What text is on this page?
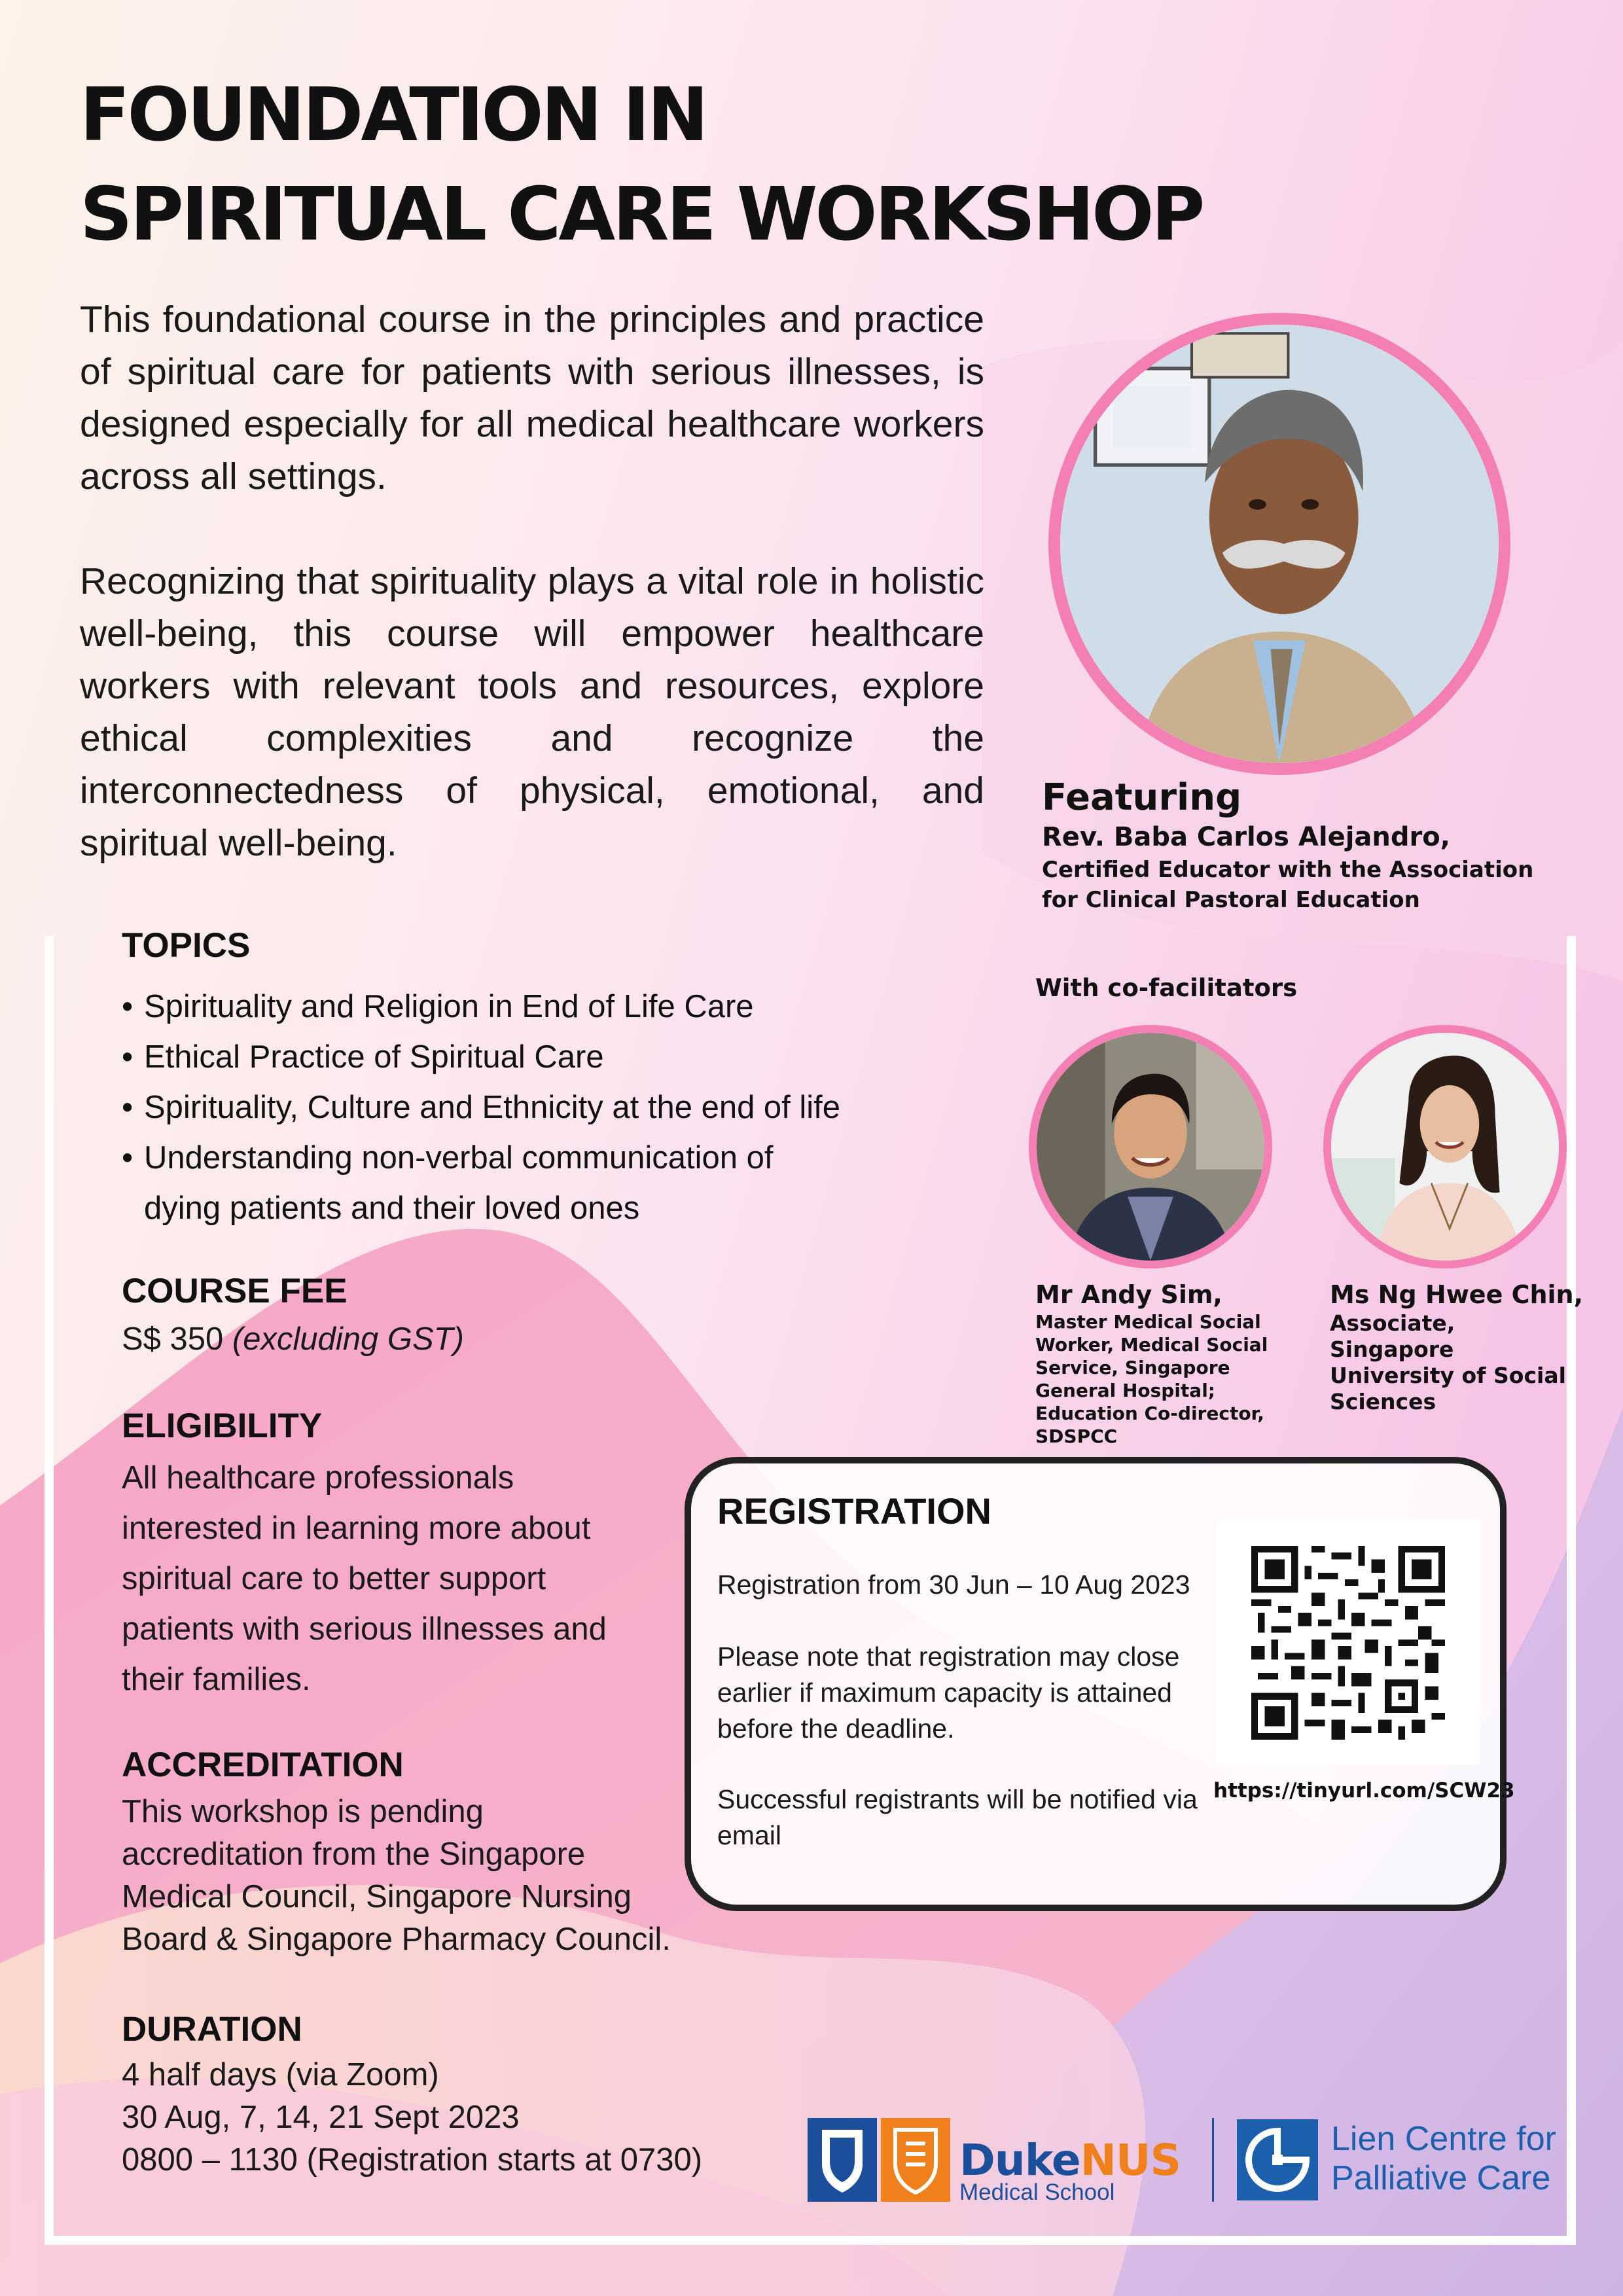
FOUNDATION IN
SPIRITUAL CARE WORKSHOP

This foundational course in the principles and practice of spiritual care for patients with serious illnesses, is designed especially for all medical healthcare workers across all settings.

Recognizing that spirituality plays a vital role in holistic well-being, this course will empower healthcare workers with relevant tools and resources, explore ethical complexities and recognize the interconnectedness of physical, emotional, and spiritual well-being.

Featuring
Rev. Baba Carlos Alejandro,
Certified Educator with the Association for Clinical Pastoral Education
With co-facilitators
Mr Andy Sim,
Master Medical Social Worker, Medical Social Service, Singapore General Hospital; Education Co-director, SDSPCC
Ms Ng Hwee Chin,
Associate, Singapore University of Social Sciences
TOPICS
• Spirituality and Religion in End of Life Care
• Ethical Practice of Spiritual Care
• Spirituality, Culture and Ethnicity at the end of life
• Understanding non-verbal communication of
dying patients and their loved ones
COURSE FEE

S$ 350 (excluding GST)

ELIGIBILITY
All healthcare professionals
interested in learning more about
spiritual care to better support
patients with serious illnesses and
their families.
ACCREDITATION
This workshop is pending
accreditation from the Singapore
Medical Council, Singapore Nursing
Board & Singapore Pharmacy Council.
DURATION
4 half days (via Zoom)
30 Aug, 7, 14, 21 Sept 2023
0800 – 1130 (Registration starts at 0730)
REGISTRATION

Registration from 30 Jun – 10 Aug 2023

Please note that registration may close earlier if maximum capacity is attained before the deadline.

Successful registrants will be notified via email

https://tinyurl.com/SCW23
DukeNUS
Medical School
Lien Centre for
Palliative Care
